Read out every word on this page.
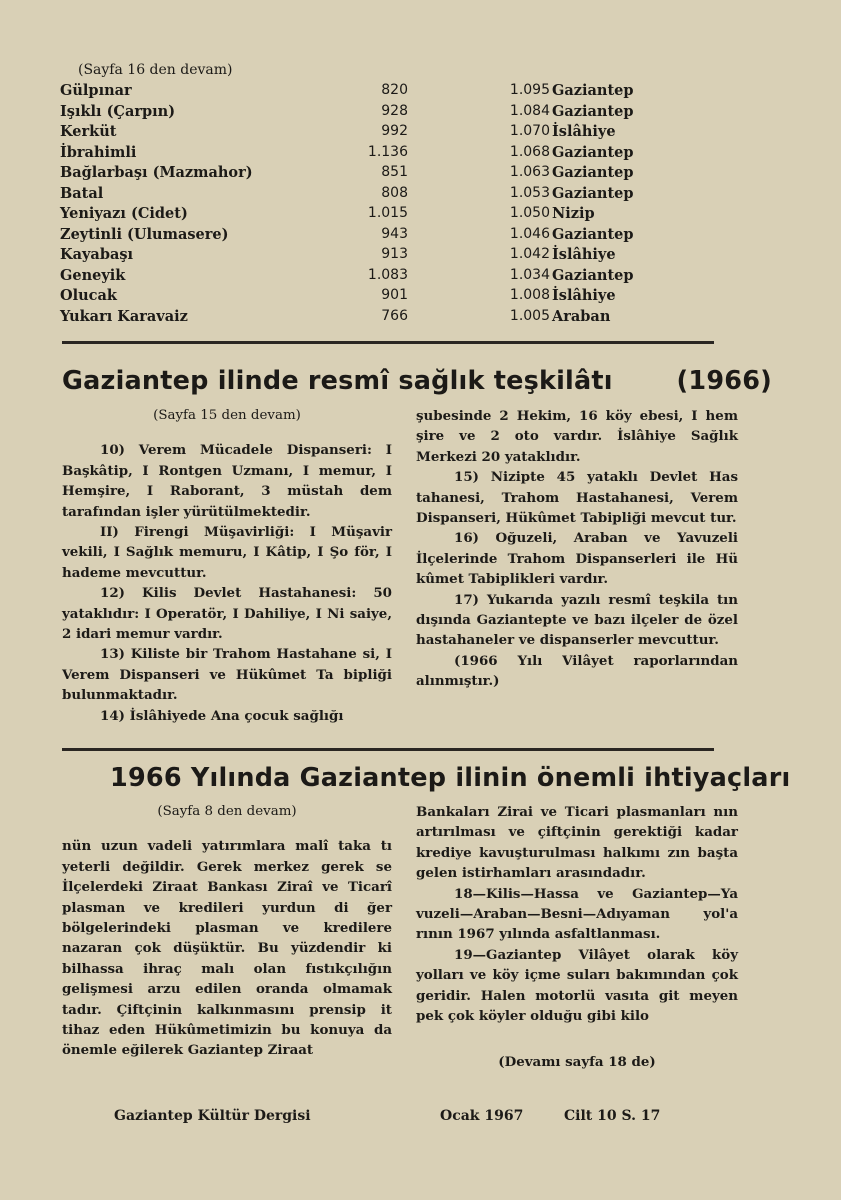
(Sayfa 16 den devam)
Gülpınar	820	1.095 Gaziantep
Işıklı (Çarpın)	928	1.084 Gaziantep
Kerküt	992	1.070 İslâhiye
İbrahimli	1.136	1.068 Gaziantep
Bağlarbaşı (Mazmahor)	851	1.063 Gaziantep
Batal	808	1.053 Gaziantep
Yeniyazı (Cidet)	1.015	1.050 Nizip
Zeytinli (Ulumasere)	943	1.046 Gaziantep
Kayabaşı	913	1.042 İslâhiye
Geneyik	1.083	1.034 Gaziantep
Olucak	901	1.008 İslâhiye
Yukarı Karavaiz	766	1.005 Araban
Gaziantep ilinde resmî sağlık teşkilâtı	(1966)

(Sayfa 15 den devam)

10) Verem Mücadele Dispanseri: I Başkâtip, I Rontgen Uzmanı, I memur, I Hemşire, I Raborant, 3 müstah dem tarafından işler yürütülmektedir.

II) Firengi Müşavirliği: I Müşavir vekili, I Sağlık memuru, I Kâtip, I Şo för, I hademe mevcuttur.

12) Kilis Devlet Hastahanesi: 50 yataklıdır: I Operatör, I Dahiliye, I Ni saiye, 2 idari memur vardır.

13) Kiliste bir Trahom Hastahane si, I Verem Dispanseri ve Hükûmet Ta bipliği bulunmaktadır.

14) İslâhiyede Ana çocuk sağlığı

şubesinde 2 Hekim, 16 köy ebesi, I hem şire ve 2 oto vardır. İslâhiye Sağlık Merkezi 20 yataklıdır.

15) Nizipte 45 yataklı Devlet Has tahanesi, Trahom Hastahanesi, Verem Dispanseri, Hükûmet Tabipliği mevcut tur.

16) Oğuzeli, Araban ve Yavuzeli İlçelerinde Trahom Dispanserleri ile Hü kûmet Tabiplikleri vardır.

17) Yukarıda yazılı resmî teşkila tın dışında Gaziantepte ve bazı ilçeler de özel hastahaneler ve dispanserler mevcuttur.

(1966 Yılı Vilâyet raporlarından alınmıştır.)

1966 Yılında Gaziantep ilinin önemli ihtiyaçları

(Sayfa 8 den devam)

nün uzun vadeli yatırımlara malî taka tı yeterli değildir. Gerek merkez gerek se İlçelerdeki Ziraat Bankası Ziraî ve Ticarî plasman ve kredileri yurdun di ğer bölgelerindeki plasman ve kredilere nazaran çok düşüktür. Bu yüzdendir ki bilhassa ihraç malı olan fıstıkçılığın gelişmesi arzu edilen oranda olmamak tadır. Çiftçinin kalkınmasını prensip it tihaz eden Hükûmetimizin bu konuya da önemle eğilerek Gaziantep Ziraat

Bankaları Zirai ve Ticari plasmanları nın artırılması ve çiftçinin gerektiği kadar krediye kavuşturulması halkımı zın başta gelen istirhamları arasındadır.

18—Kilis—Hassa ve Gaziantep—Ya vuzeli—Araban—Besni—Adıyaman yol'a rının 1967 yılında asfaltlanması.

19—Gaziantep Vilâyet olarak köy yolları ve köy içme suları bakımından çok geridir. Halen motorlü vasıta git meyen pek çok köyler olduğu gibi kilo

(Devamı sayfa 18 de)

Gaziantep Kültür Dergisi	Ocak 1967	Cilt 10 S. 17
